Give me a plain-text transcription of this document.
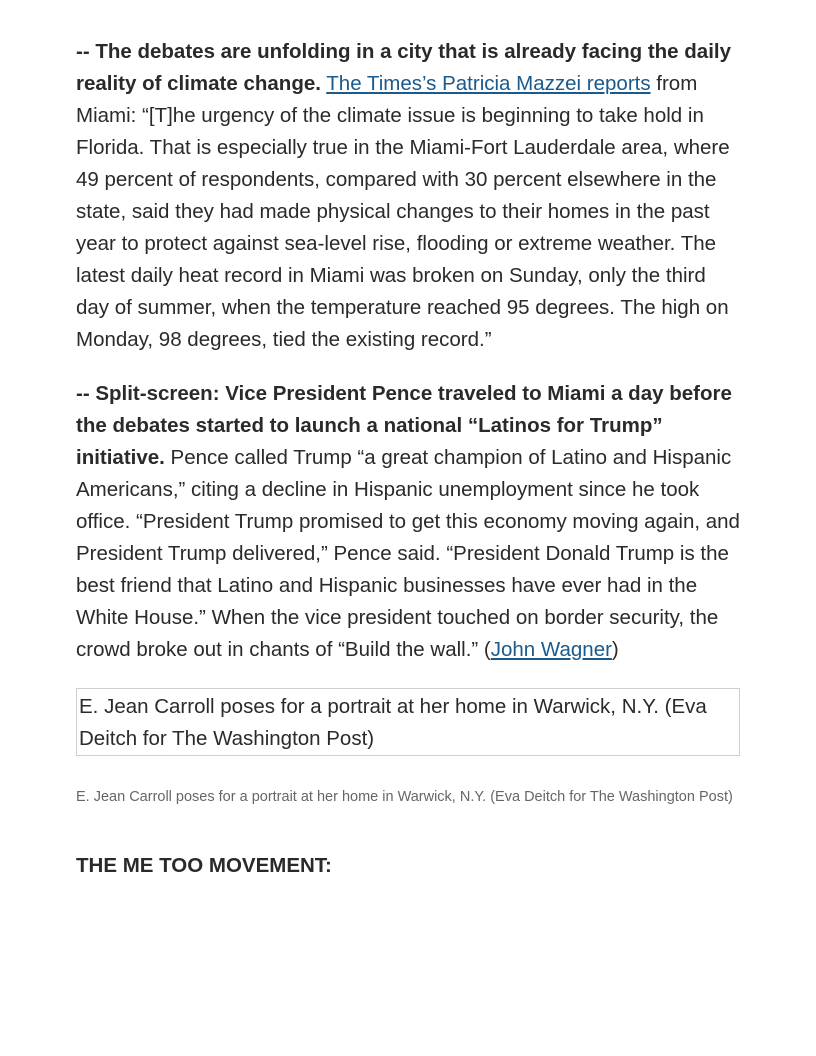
-- The debates are unfolding in a city that is already facing the daily reality of climate change. The Times’s Patricia Mazzei reports from Miami: “[T]he urgency of the climate issue is beginning to take hold in Florida. That is especially true in the Miami-Fort Lauderdale area, where 49 percent of respondents, compared with 30 percent elsewhere in the state, said they had made physical changes to their homes in the past year to protect against sea-level rise, flooding or extreme weather. The latest daily heat record in Miami was broken on Sunday, only the third day of summer, when the temperature reached 95 degrees. The high on Monday, 98 degrees, tied the existing record.”

-- Split-screen: Vice President Pence traveled to Miami a day before the debates started to launch a national “Latinos for Trump” initiative. Pence called Trump “a great champion of Latino and Hispanic Americans,” citing a decline in Hispanic unemployment since he took office. “President Trump promised to get this economy moving again, and President Trump delivered,” Pence said. “President Donald Trump is the best friend that Latino and Hispanic businesses have ever had in the White House.” When the vice president touched on border security, the crowd broke out in chants of “Build the wall.” (John Wagner)

E. Jean Carroll poses for a portrait at her home in Warwick, N.Y. (Eva Deitch for The Washington Post)
E. Jean Carroll poses for a portrait at her home in Warwick, N.Y. (Eva Deitch for The Washington Post)
THE ME TOO MOVEMENT:
